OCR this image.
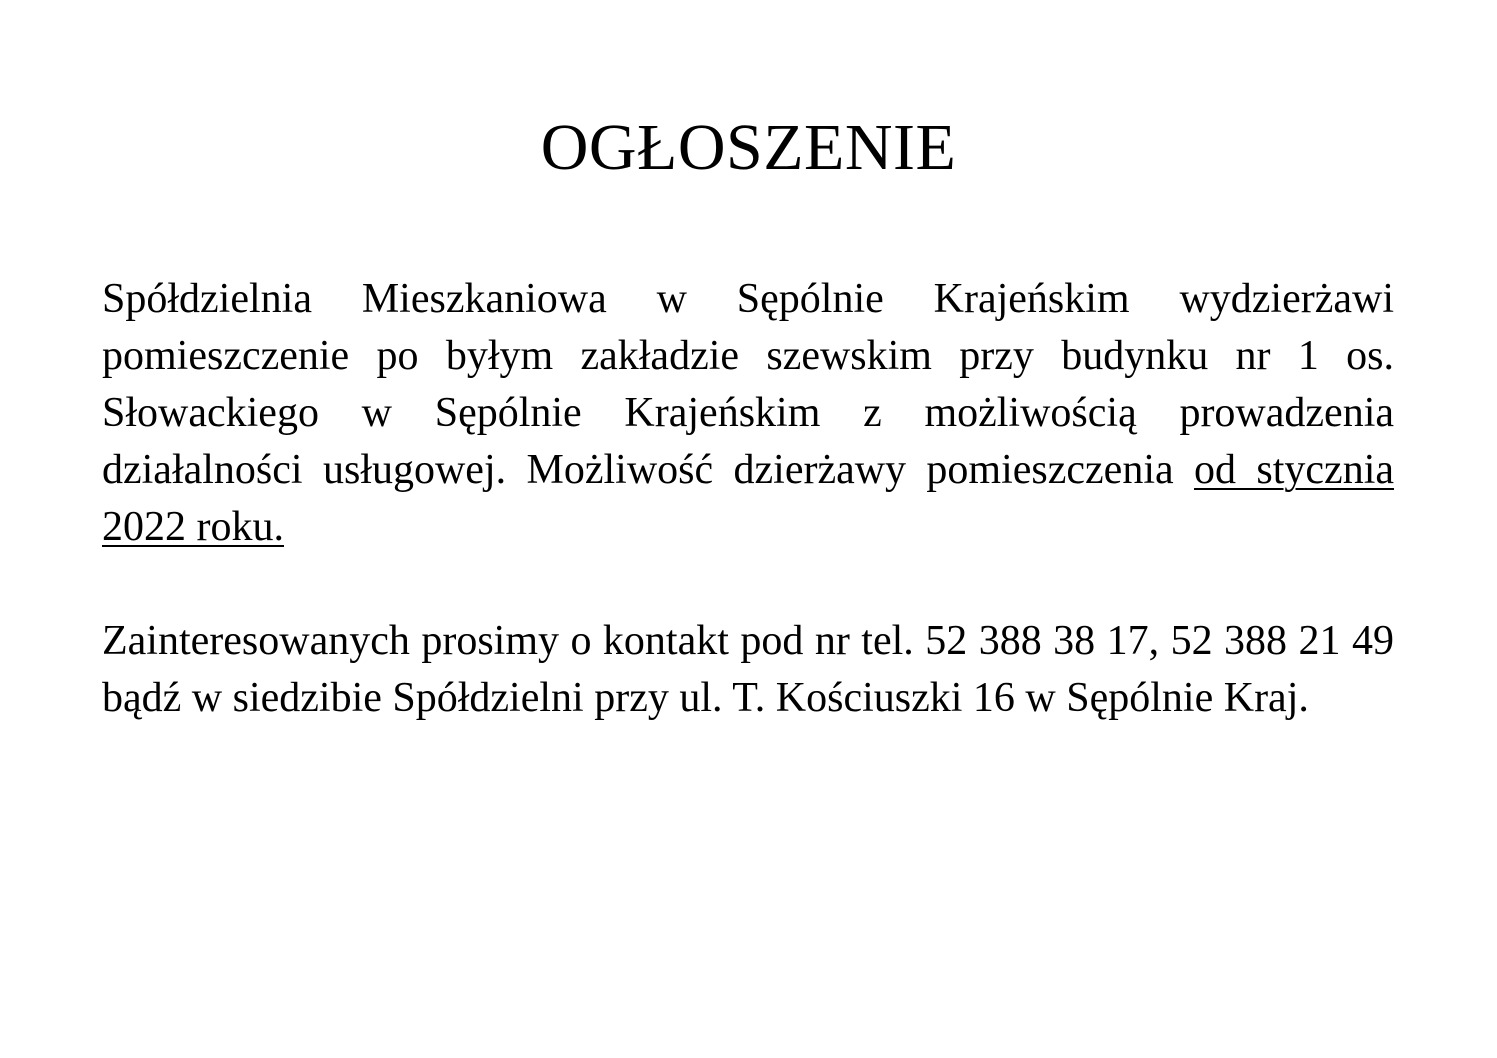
OGŁOSZENIE

Spółdzielnia Mieszkaniowa w Sępólnie Krajeńskim wydzierżawi pomieszczenie po byłym zakładzie szewskim przy budynku nr 1 os. Słowackiego w Sępólnie Krajeńskim z możliwością prowadzenia działalności usługowej. Możliwość dzierżawy pomieszczenia od stycznia 2022 roku.

Zainteresowanych prosimy o kontakt pod nr tel. 52 388 38 17, 52 388 21 49 bądź w siedzibie Spółdzielni przy ul. T. Kościuszki 16 w Sępólnie Kraj.
